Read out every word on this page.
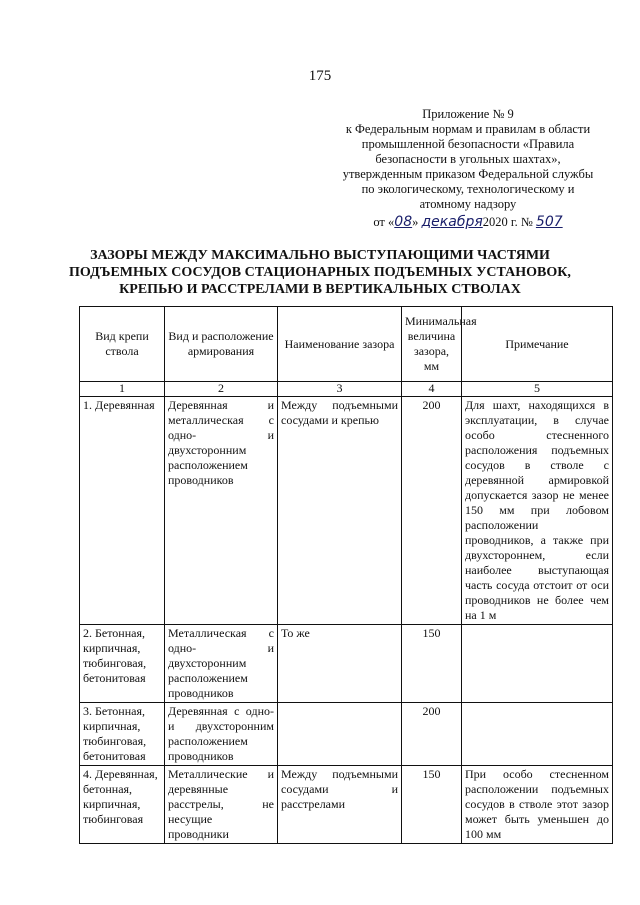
175
Приложение № 9
к Федеральным нормам и правилам в области
промышленной безопасности «Правила
безопасности в угольных шахтах»,
утвержденным приказом Федеральной службы
по экологическому, технологическому и
атомному надзору
от «08» декабря2020 г. № 507
ЗАЗОРЫ МЕЖДУ МАКСИМАЛЬНО ВЫСТУПАЮЩИМИ ЧАСТЯМИ
ПОДЪЕМНЫХ СОСУДОВ СТАЦИОНАРНЫХ ПОДЪЕМНЫХ УСТАНОВОК,
КРЕПЬЮ И РАССТРЕЛАМИ В ВЕРТИКАЛЬНЫХ СТВОЛАХ
Вид крепи ствола	Вид и расположение армирования	Наименование зазора	Минимальная величина зазора, мм	Примечание
1	2	3	4	5
1. Деревянная	Деревянная и металлическая с одно- и двухсторонним расположением проводников	Между подъемными сосудами и крепью	200	Для шахт, находящихся в эксплуатации, в случае особо стесненного расположения подъемных сосудов в стволе с деревянной армировкой допускается зазор не менее 150 мм при лобовом расположении проводников, а также при двухстороннем, если наиболее выступающая часть сосуда отстоит от оси проводников не более чем на 1 м
2. Бетонная, кирпичная, тюбинговая, бетонитовая	Металлическая с одно- и двухсторонним расположением проводников	То же	150	
3. Бетонная, кирпичная, тюбинговая, бетонитовая	Деревянная с одно- и двухсторонним расположением проводников		200	
4. Деревянная, бетонная, кирпичная, тюбинговая	Металлические и деревянные расстрелы, не несущие проводники	Между подъемными сосудами и расстрелами	150	При особо стесненном расположении подъемных сосудов в стволе этот зазор может быть уменьшен до 100 мм
